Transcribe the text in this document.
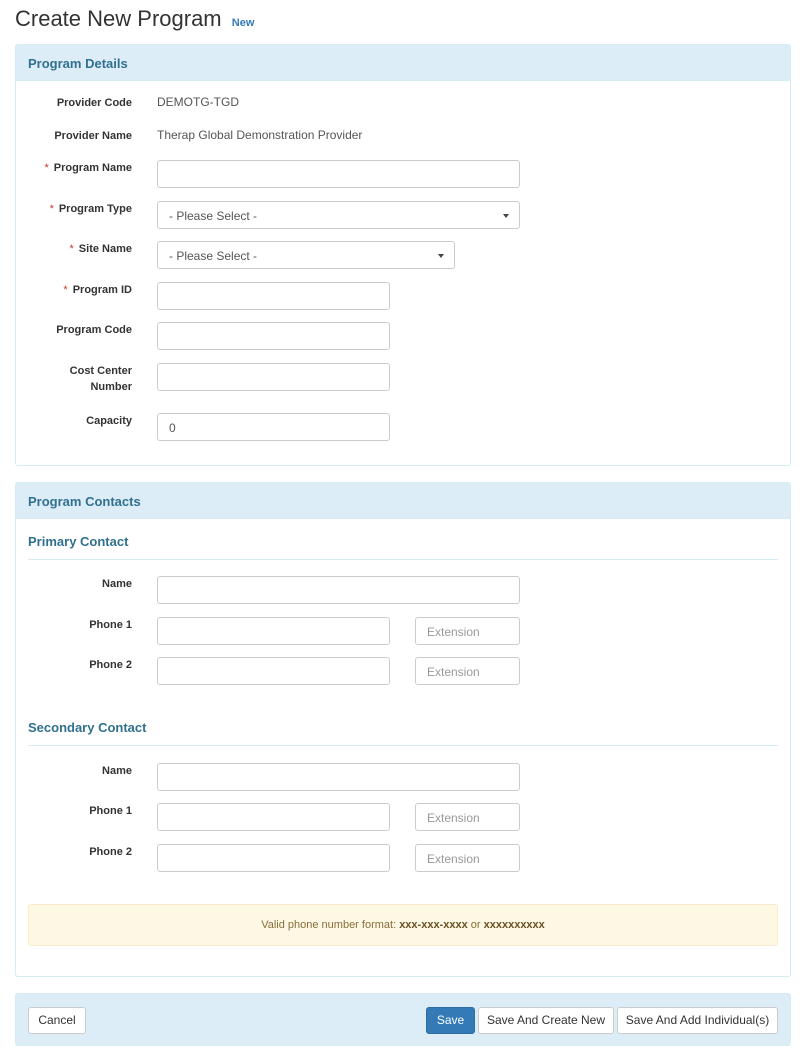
Create New Program New
Program Details
Provider Code DEMOTG-TGD
Provider Name Therap Global Demonstration Provider
* Program Name
* Program Type	- Please Select -
* Site Name	- Please Select -
* Program ID
Program Code
Cost Center
Number
Capacity	0
Program Contacts
Primary Contact
Name
Phone 1	Extension
Phone 2	Extension
Secondary Contact
Name
Phone 1	Extension
Phone 2	Extension
Valid phone number format: xxx-xxx-xxxx or xxxxxxxxxx
Cancel	Save	Save And Create New	Save And Add Individual(s)
